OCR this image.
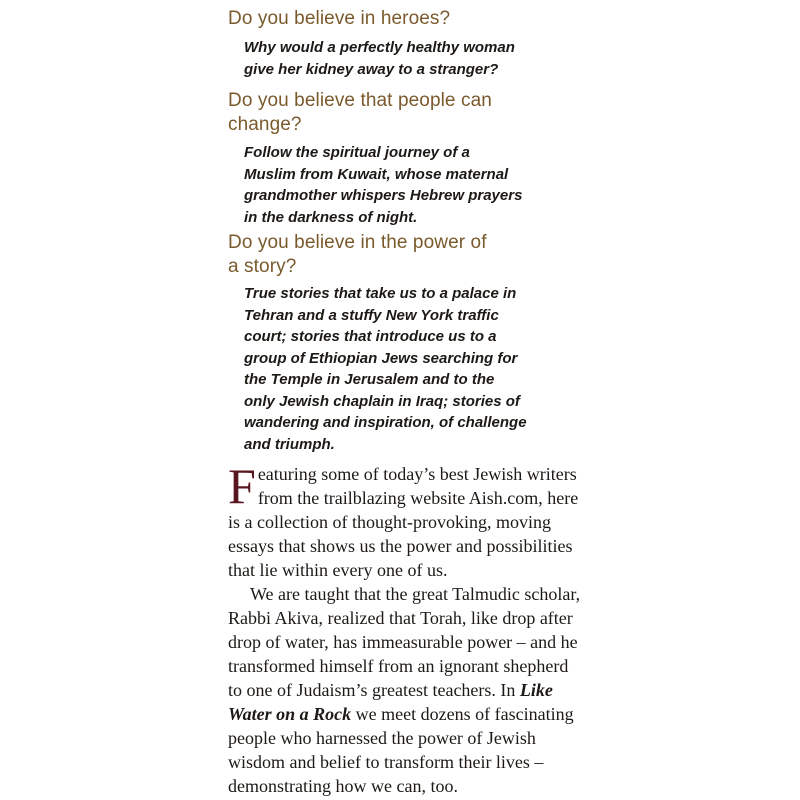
Do you believe in heroes?
Why would a perfectly healthy woman
give her kidney away to a stranger?
Do you believe that people can
change?
Follow the spiritual journey of a
Muslim from Kuwait, whose maternal
grandmother whispers Hebrew prayers
in the darkness of night.
Do you believe in the power of
a story?
True stories that take us to a palace in
Tehran and a stuffy New York traffic
court; stories that introduce us to a
group of Ethiopian Jews searching for
the Temple in Jerusalem and to the
only Jewish chaplain in Iraq; stories of
wandering and inspiration, of challenge
and triumph.
Featuring some of today’s best Jewish writers from the trailblazing website Aish.com, here is a collection of thought-provoking, moving essays that shows us the power and possibilities that lie within every one of us.
We are taught that the great Talmudic scholar, Rabbi Akiva, realized that Torah, like drop after drop of water, has immeasurable power – and he transformed himself from an ignorant shepherd to one of Judaism’s greatest teachers. In Like Water on a Rock we meet dozens of fascinating people who harnessed the power of Jewish wisdom and belief to transform their lives – demonstrating how we can, too.
